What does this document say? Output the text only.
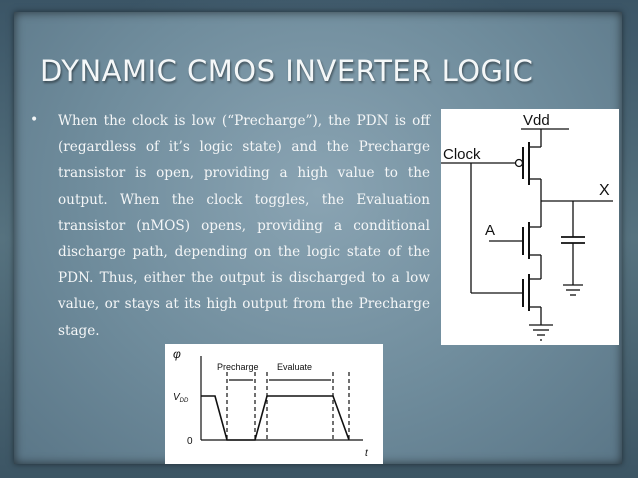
DYNAMIC CMOS INVERTER LOGIC
• When the clock is low (“Precharge”), the PDN is off (regardless of it’s logic state) and the Precharge transistor is open, providing a high value to the output. When the clock toggles, the Evaluation transistor (nMOS) opens, providing a conditional discharge path, depending on the logic state of the PDN. Thus, either the output is discharged to a low value, or stays at its high output from the Precharge stage.
Vdd
Clock
X
A
φ
Precharge Evaluate
$V_{DD}$
0
t
